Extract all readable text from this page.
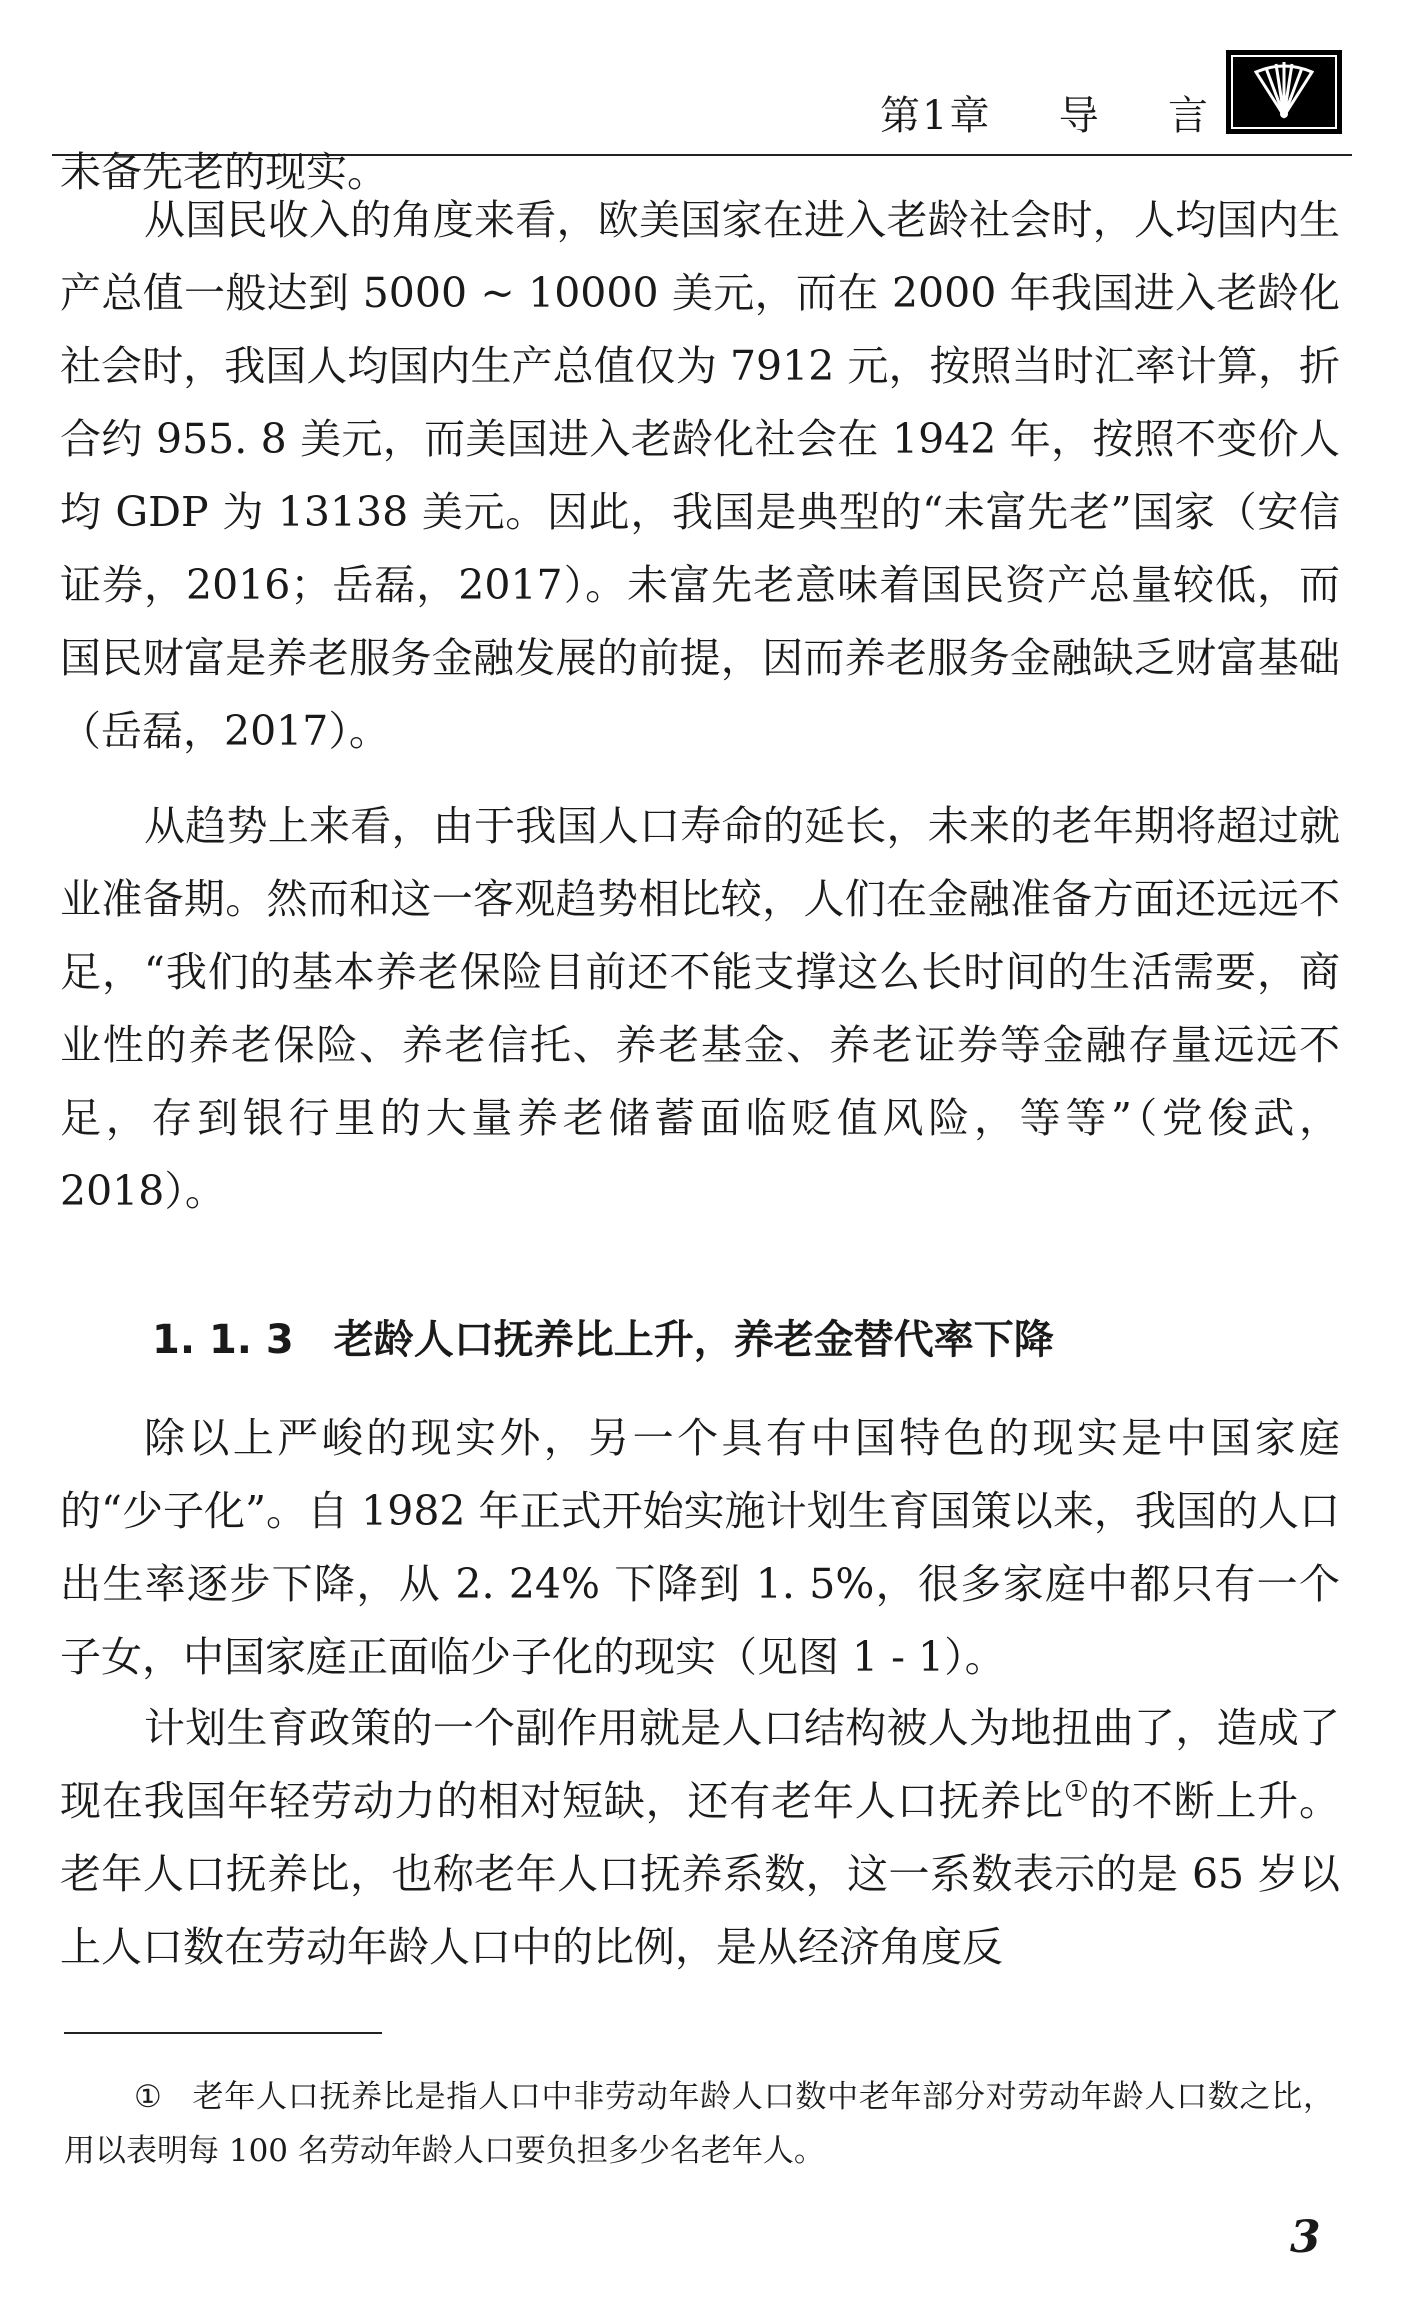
第1章 导 言

未备先老的现实。

从国民收入的角度来看，欧美国家在进入老龄社会时，人均国内生产总值一般达到 5000 ~ 10000 美元，而在 2000 年我国进入老龄化社会时，我国人均国内生产总值仅为 7912 元，按照当时汇率计算，折合约 955. 8 美元，而美国进入老龄化社会在 1942 年，按照不变价人均 GDP 为 13138 美元。因此，我国是典型的“未富先老”国家（安信证券，2016；岳磊，2017）。未富先老意味着国民资产总量较低，而国民财富是养老服务金融发展的前提，因而养老服务金融缺乏财富基础（岳磊，2017）。

从趋势上来看，由于我国人口寿命的延长，未来的老年期将超过就业准备期。然而和这一客观趋势相比较，人们在金融准备方面还远远不足，“我们的基本养老保险目前还不能支撑这么长时间的生活需要，商业性的养老保险、养老信托、养老基金、养老证券等金融存量远远不足，存到银行里的大量养老储蓄面临贬值风险，等等”（党俊武，2018）。

1. 1. 3 老龄人口抚养比上升，养老金替代率下降

除以上严峻的现实外，另一个具有中国特色的现实是中国家庭的“少子化”。自 1982 年正式开始实施计划生育国策以来，我国的人口出生率逐步下降，从 2. 24% 下降到 1. 5%，很多家庭中都只有一个子女，中国家庭正面临少子化的现实（见图 1 - 1）。

计划生育政策的一个副作用就是人口结构被人为地扭曲了，造成了现在我国年轻劳动力的相对短缺，还有老年人口抚养比①的不断上升。老年人口抚养比，也称老年人口抚养系数，这一系数表示的是 65 岁以上人口数在劳动年龄人口中的比例，是从经济角度反

① 老年人口抚养比是指人口中非劳动年龄人口数中老年部分对劳动年龄人口数之比，用以表明每 100 名劳动年龄人口要负担多少名老年人。

3
